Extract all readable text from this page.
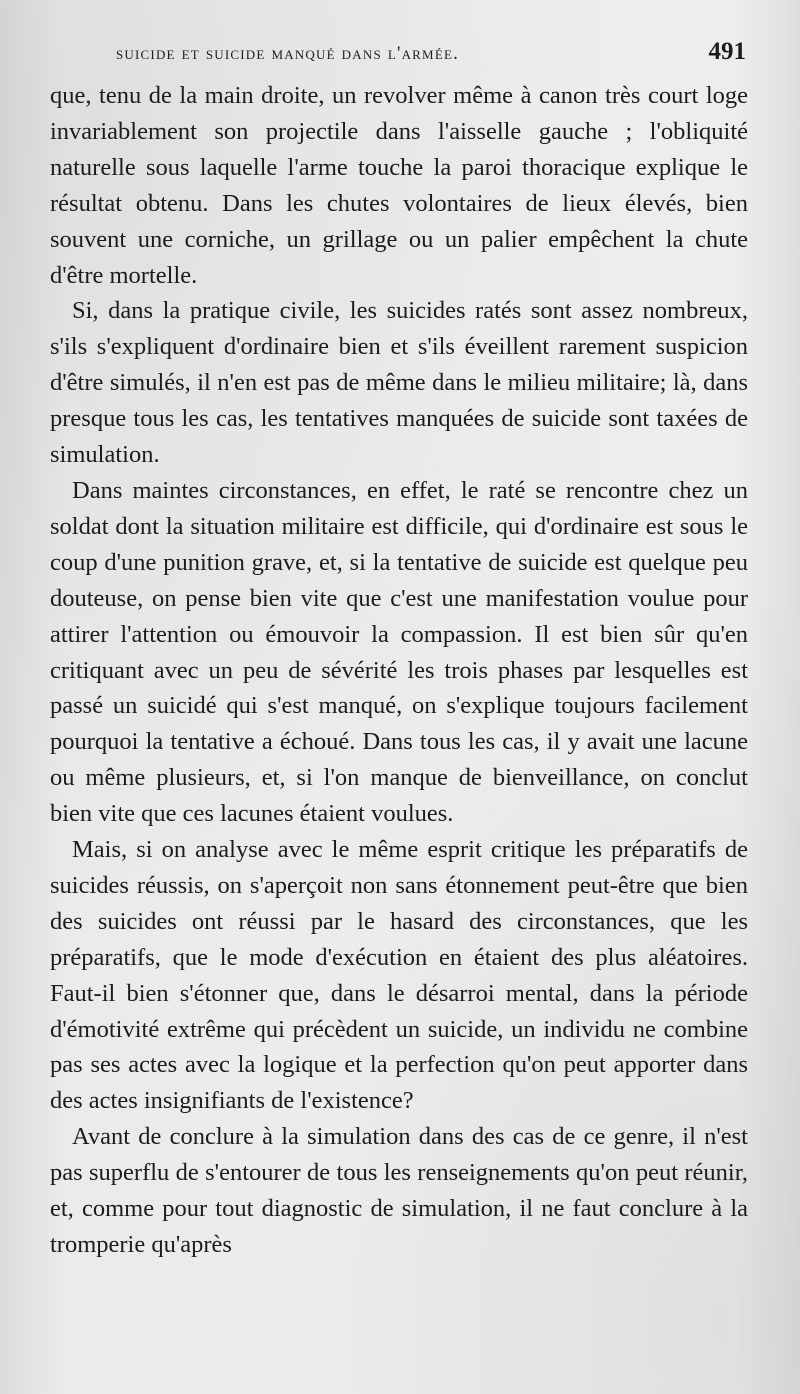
suicide et suicide manqué dans l'armée.	491

que, tenu de la main droite, un revolver même à canon très court loge invariablement son projectile dans l'aisselle gauche ; l'obliquité naturelle sous laquelle l'arme touche la paroi thoracique explique le résultat obtenu. Dans les chutes volontaires de lieux élevés, bien souvent une corniche, un grillage ou un palier empêchent la chute d'être mortelle.

Si, dans la pratique civile, les suicides ratés sont assez nombreux, s'ils s'expliquent d'ordinaire bien et s'ils éveillent rarement suspicion d'être simulés, il n'en est pas de même dans le milieu militaire; là, dans presque tous les cas, les tentatives manquées de suicide sont taxées de simulation.

Dans maintes circonstances, en effet, le raté se rencontre chez un soldat dont la situation militaire est difficile, qui d'ordinaire est sous le coup d'une punition grave, et, si la tentative de suicide est quelque peu douteuse, on pense bien vite que c'est une manifestation voulue pour attirer l'attention ou émouvoir la compassion. Il est bien sûr qu'en critiquant avec un peu de sévérité les trois phases par lesquelles est passé un suicidé qui s'est manqué, on s'explique toujours facilement pourquoi la tentative a échoué. Dans tous les cas, il y avait une lacune ou même plusieurs, et, si l'on manque de bienveillance, on conclut bien vite que ces lacunes étaient voulues.

Mais, si on analyse avec le même esprit critique les préparatifs de suicides réussis, on s'aperçoit non sans étonnement peut-être que bien des suicides ont réussi par le hasard des circonstances, que les préparatifs, que le mode d'exécution en étaient des plus aléatoires. Faut-il bien s'étonner que, dans le désarroi mental, dans la période d'émotivité extrême qui précèdent un suicide, un individu ne combine pas ses actes avec la logique et la perfection qu'on peut apporter dans des actes insignifiants de l'existence?

Avant de conclure à la simulation dans des cas de ce genre, il n'est pas superflu de s'entourer de tous les renseignements qu'on peut réunir, et, comme pour tout diagnostic de simulation, il ne faut conclure à la tromperie qu'après
